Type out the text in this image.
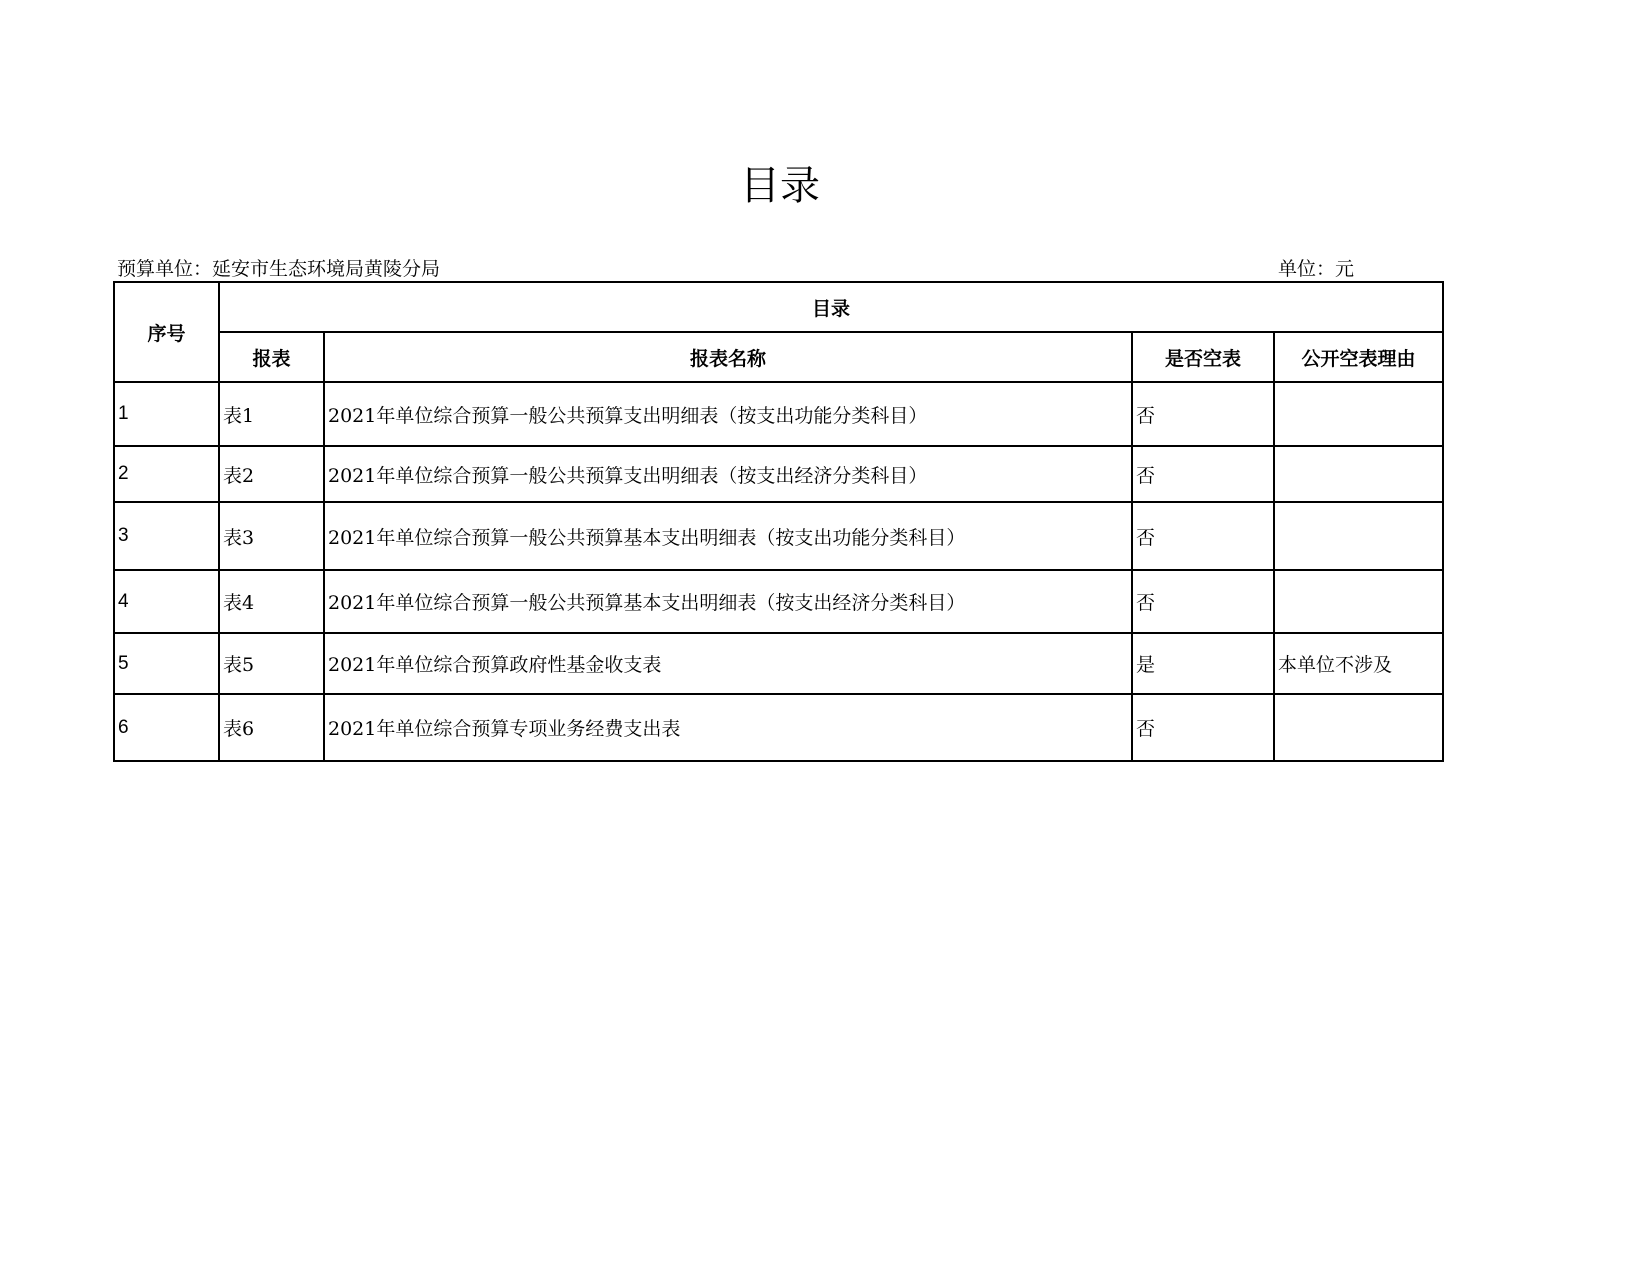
目录
预算单位：延安市生态环境局黄陵分局	单位：元
序号	目录			
	报表	报表名称	是否空表	公开空表理由
1	表1	2021年单位综合预算一般公共预算支出明细表（按支出功能分类科目）	否	
2	表2	2021年单位综合预算一般公共预算支出明细表（按支出经济分类科目）	否	
3	表3	2021年单位综合预算一般公共预算基本支出明细表（按支出功能分类科目）	否	
4	表4	2021年单位综合预算一般公共预算基本支出明细表（按支出经济分类科目）	否	
5	表5	2021年单位综合预算政府性基金收支表	是	本单位不涉及
6	表6	2021年单位综合预算专项业务经费支出表	否	
